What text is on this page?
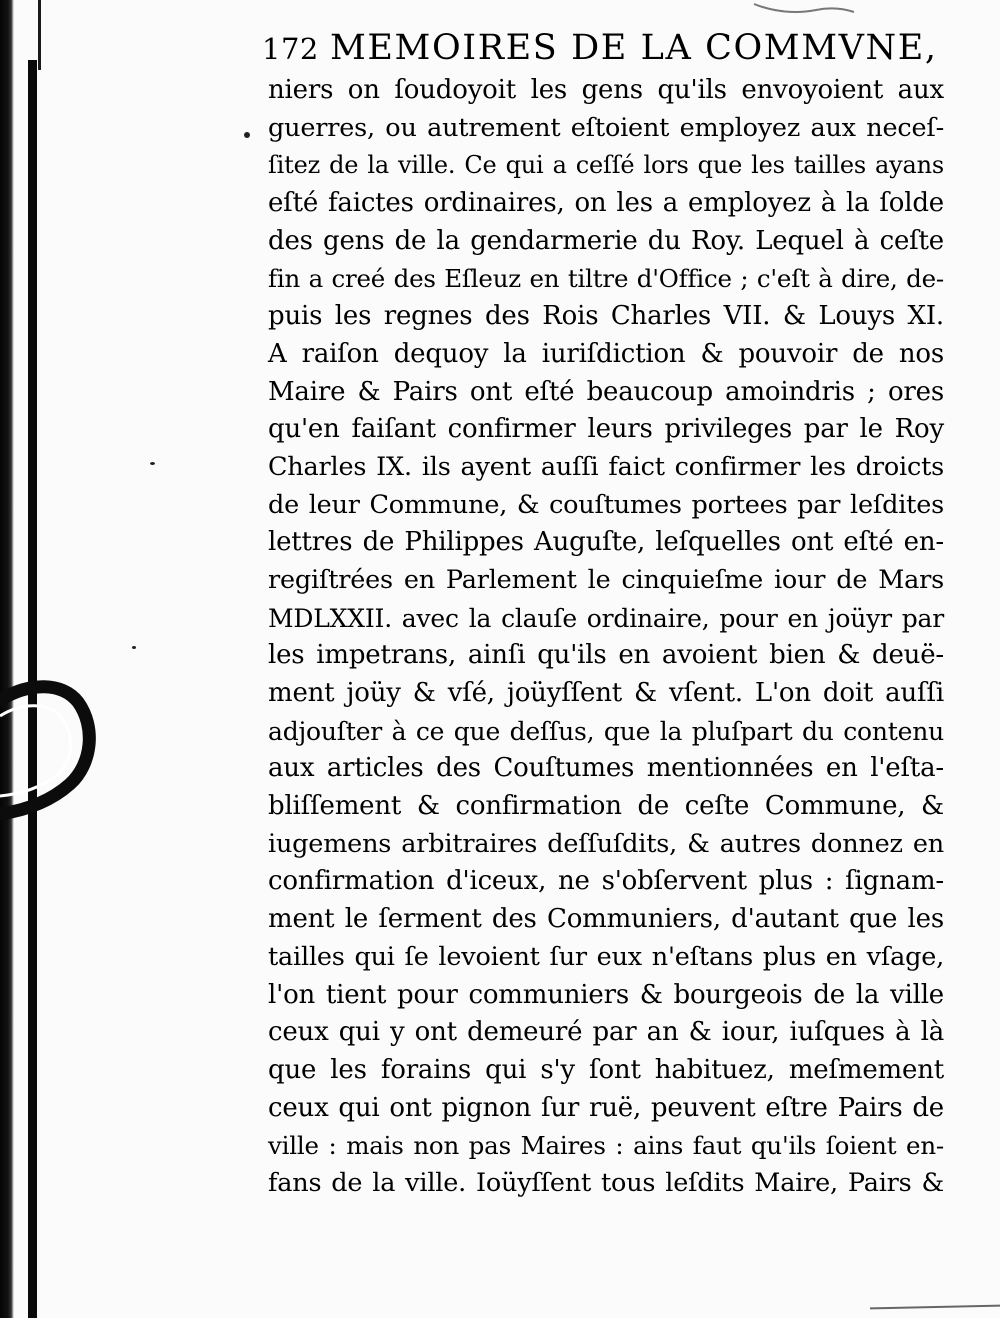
172 MEMOIRES DE LA COMMVNE,
niers on ſoudoyoit les gens qu'ils envoyoient aux
guerres, ou autrement eſtoient employez aux neceſ-
ſitez de la ville. Ce qui a ceſſé lors que les tailles ayans
eſté faictes ordinaires, on les a employez à la ſolde
des gens de la gendarmerie du Roy. Lequel à ceſte
fin a creé des Eſleuz en tiltre d'Office ; c'eſt à dire, de-
puis les regnes des Rois Charles VII. & Louys XI.
A raiſon dequoy la iuriſdiction & pouvoir de nos
Maire & Pairs ont eſté beaucoup amoindris ; ores
qu'en faiſant confirmer leurs privileges par le Roy
Charles IX. ils ayent auſſi faict confirmer les droicts
de leur Commune, & couſtumes portees par leſdites
lettres de Philippes Auguſte, leſquelles ont eſté en-
regiſtrées en Parlement le cinquieſme iour de Mars
MDLXXII. avec la clauſe ordinaire, pour en joüyr par
les impetrans, ainſi qu'ils en avoient bien & deuë-
ment joüy & vſé, joüyſſent & vſent. L'on doit auſſi
adjouſter à ce que deſſus, que la pluſpart du contenu
aux articles des Couſtumes mentionnées en l'eſta-
bliſſement & confirmation de ceſte Commune, &
iugemens arbitraires deſſuſdits, & autres donnez en
confirmation d'iceux, ne s'obſervent plus : ſignam-
ment le ſerment des Communiers, d'autant que les
tailles qui ſe levoient ſur eux n'eſtans plus en vſage,
l'on tient pour communiers & bourgeois de la ville
ceux qui y ont demeuré par an & iour, iuſques à là
que les forains qui s'y ſont habituez, meſmement
ceux qui ont pignon ſur ruë, peuvent eſtre Pairs de
ville : mais non pas Maires : ains faut qu'ils ſoient en-
fans de la ville. Ioüyſſent tous leſdits Maire, Pairs &
